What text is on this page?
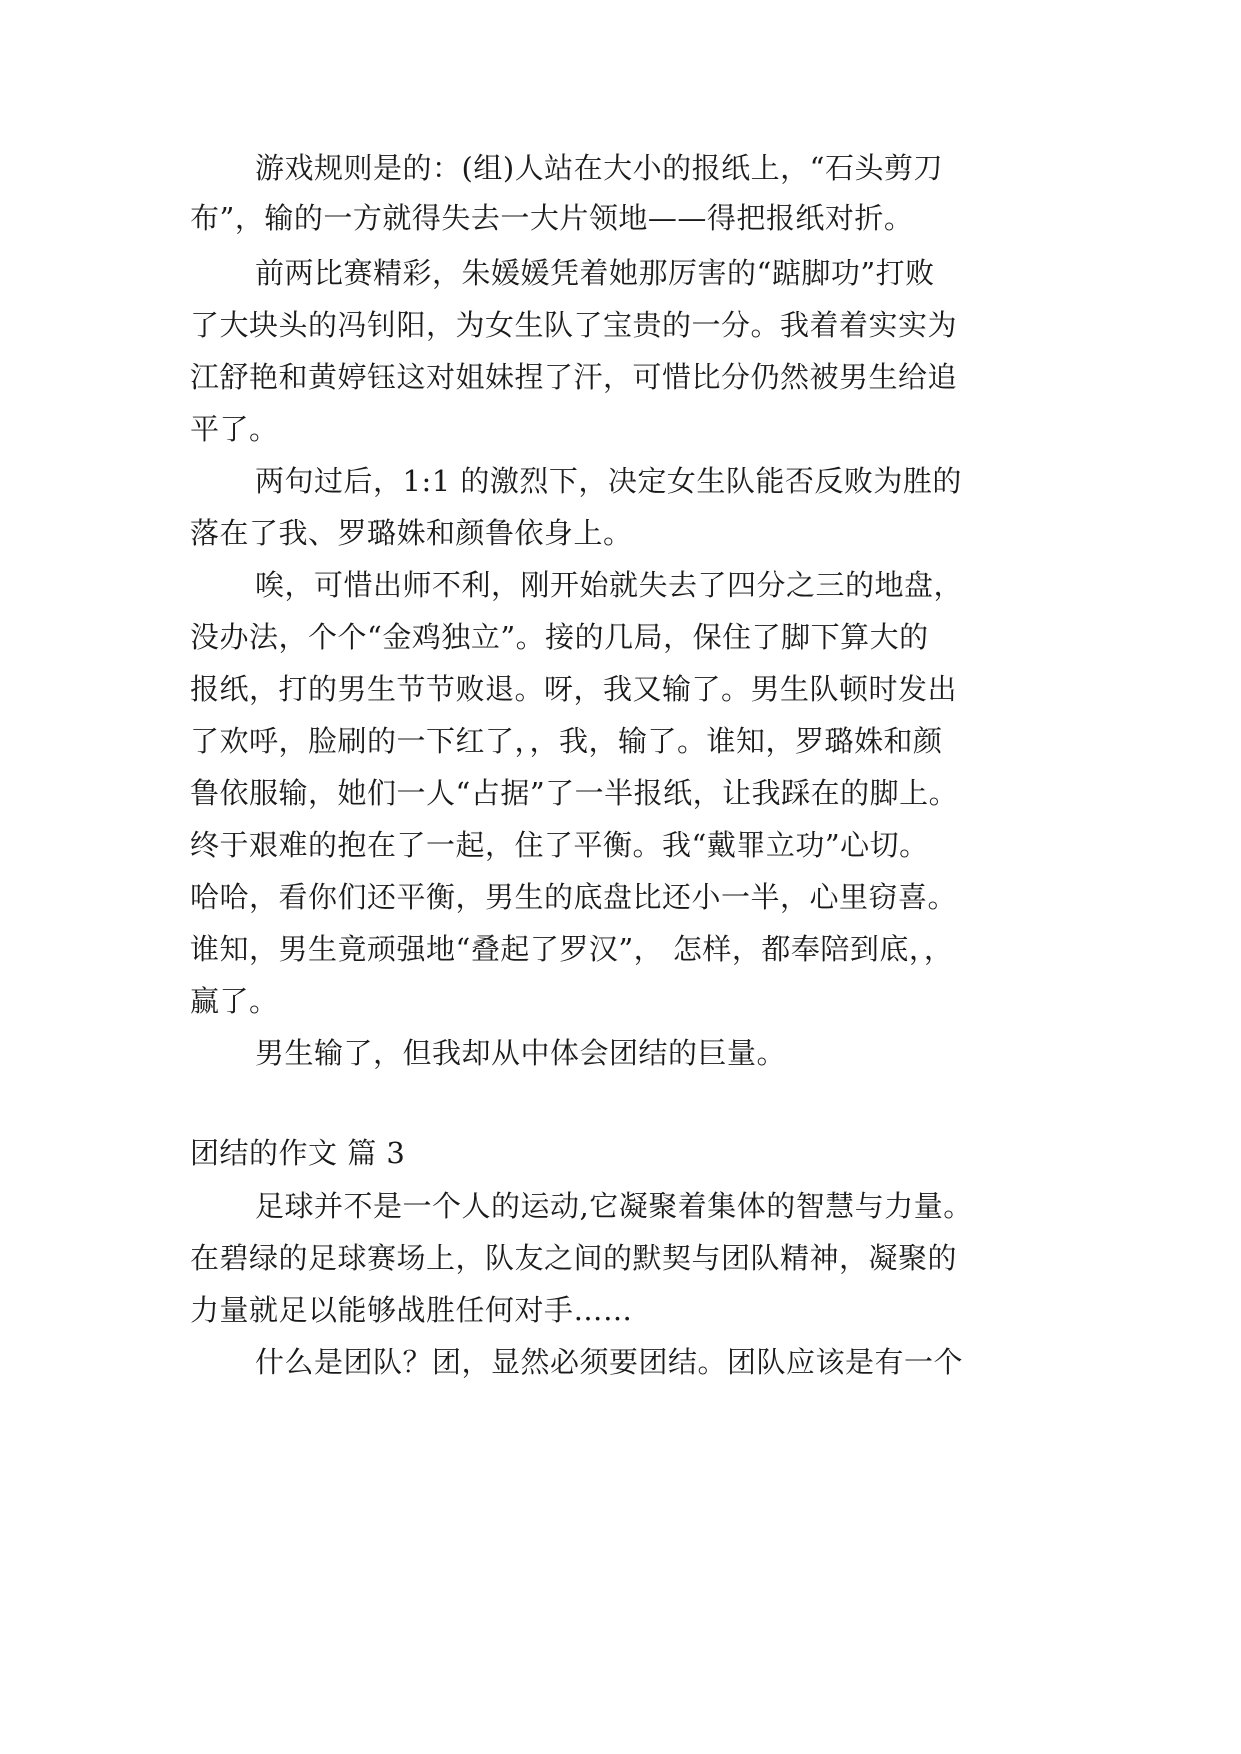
游戏规则是的：(组)人站在大小的报纸上，“石头剪刀
布”，输的一方就得失去一大片领地——得把报纸对折。
前两比赛精彩，朱媛媛凭着她那厉害的“踮脚功”打败
了大块头的冯钊阳，为女生队了宝贵的一分。我着着实实为
江舒艳和黄婷钰这对姐妹捏了汗，可惜比分仍然被男生给追
平了。
两句过后，1:1 的激烈下，决定女生队能否反败为胜的
落在了我、罗璐姝和颜鲁依身上。
唉，可惜出师不利，刚开始就失去了四分之三的地盘，
没办法，个个“金鸡独立”。接的几局，保住了脚下算大的
报纸，打的男生节节败退。呀，我又输了。男生队顿时发出
了欢呼，脸刷的一下红了，，我，输了。谁知，罗璐姝和颜
鲁依服输，她们一人“占据”了一半报纸，让我踩在的脚上。
终于艰难的抱在了一起，住了平衡。我“戴罪立功”心切。
哈哈，看你们还平衡，男生的底盘比还小一半，心里窃喜。
谁知，男生竟顽强地“叠起了罗汉”， 怎样，都奉陪到底，，
赢了。
男生输了，但我却从中体会团结的巨量。
团结的作文 篇 3
足球并不是一个人的运动,它凝聚着集体的智慧与力量。
在碧绿的足球赛场上，队友之间的默契与团队精神，凝聚的
力量就足以能够战胜任何对手……
什么是团队？团，显然必须要团结。团队应该是有一个
